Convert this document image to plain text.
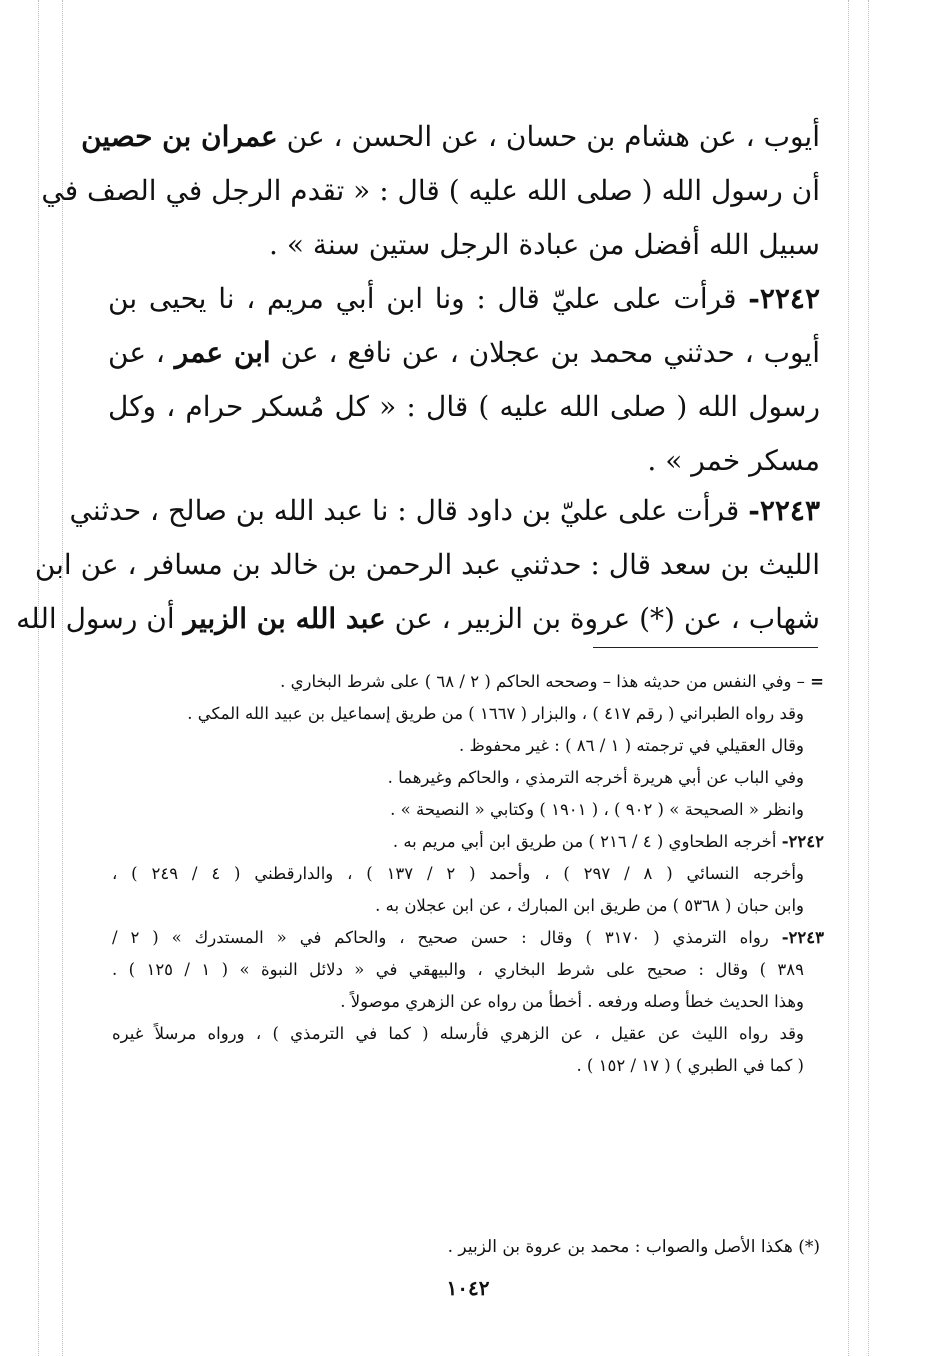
أيوب ، عن هشام بن حسان ، عن الحسن ، عن عمران بن حصين
أن رسول الله ( صلى الله عليه ) قال : « تقدم الرجل في الصف في
سبيل الله أفضل من عبادة الرجل ستين سنة » .
٢٢٤٢- قرأت على عليّ قال : ونا ابن أبي مريم ، نا يحيى بن
أيوب ، حدثني محمد بن عجلان ، عن نافع ، عن ابن عمر ، عن
رسول الله ( صلى الله عليه ) قال : « كل مُسكر حرام ، وكل
مسكر خمر » .
٢٢٤٣- قرأت على عليّ بن داود قال : نا عبد الله بن صالح ، حدثني
الليث بن سعد قال : حدثني عبد الرحمن بن خالد بن مسافر ، عن ابن
شهاب ، عن (*) عروة بن الزبير ، عن عبد الله بن الزبير أن رسول الله
= – وفي النفس من حديثه هذا – وصححه الحاكم ( ٢ / ٦٨ ) على شرط البخاري .
وقد رواه الطبراني ( رقم ٤١٧ ) ، والبزار ( ١٦٦٧ ) من طريق إسماعيل بن عبيد الله المكي .
وقال العقيلي في ترجمته ( ١ / ٨٦ ) : غير محفوظ .
وفي الباب عن أبي هريرة أخرجه الترمذي ، والحاكم وغيرهما .
وانظر « الصحيحة » ( ٩٠٢ ) ، ( ١٩٠١ ) وكتابي « النصيحة » .
٢٢٤٢- أخرجه الطحاوي ( ٤ / ٢١٦ ) من طريق ابن أبي مريم به .
وأخرجه النسائي ( ٨ / ٢٩٧ ) ، وأحمد ( ٢ / ١٣٧ ) ، والدارقطني ( ٤ / ٢٤٩ ) ،
وابن حبان ( ٥٣٦٨ ) من طريق ابن المبارك ، عن ابن عجلان به .
٢٢٤٣- رواه الترمذي ( ٣١٧٠ ) وقال : حسن صحيح ، والحاكم في « المستدرك » ( ٢ /
٣٨٩ ) وقال : صحيح على شرط البخاري ، والبيهقي في « دلائل النبوة » ( ١ / ١٢٥ ) .
وهذا الحديث خطأ وصله ورفعه . أخطأ من رواه عن الزهري موصولاً .
وقد رواه الليث عن عقيل ، عن الزهري فأرسله ( كما في الترمذي ) ، ورواه مرسلاً غيره
( كما في الطبري ) ( ١٧ / ١٥٢ ) .
(*) هكذا الأصل والصواب : محمد بن عروة بن الزبير .
١٠٤٢
